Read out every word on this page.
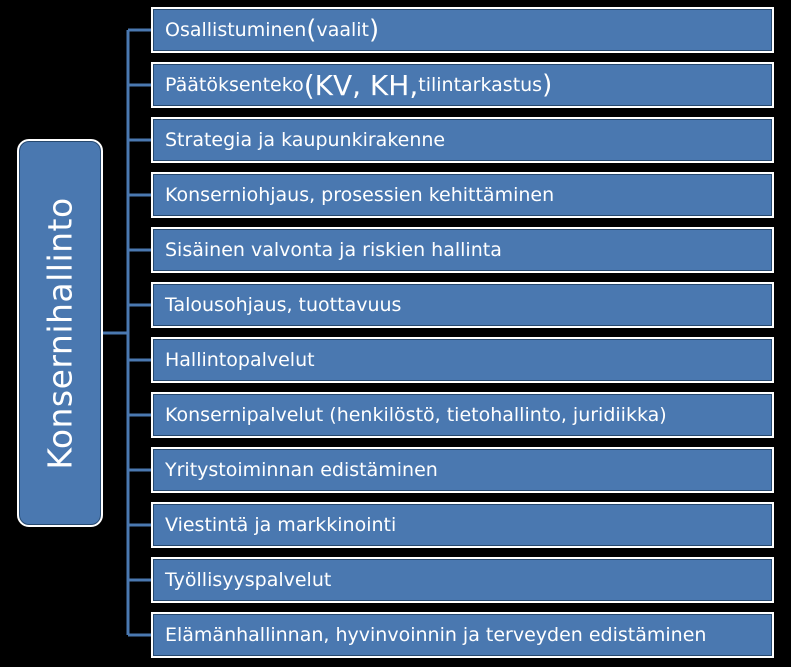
Konsernihallinto
Osallistuminen ( vaalit )
Päätöksenteko (KV, KH, tilintarkastus )
Strategia ja kaupunkirakenne
Konserniohjaus, prosessien kehittäminen
Sisäinen valvonta ja riskien hallinta
Talousohjaus, tuottavuus
Hallintopalvelut
Konsernipalvelut (henkilöstö, tietohallinto, juridiikka)
Yritystoiminnan edistäminen
Viestintä ja markkinointi
Työllisyyspalvelut
Elämänhallinnan, hyvinvoinnin ja terveyden edistäminen
